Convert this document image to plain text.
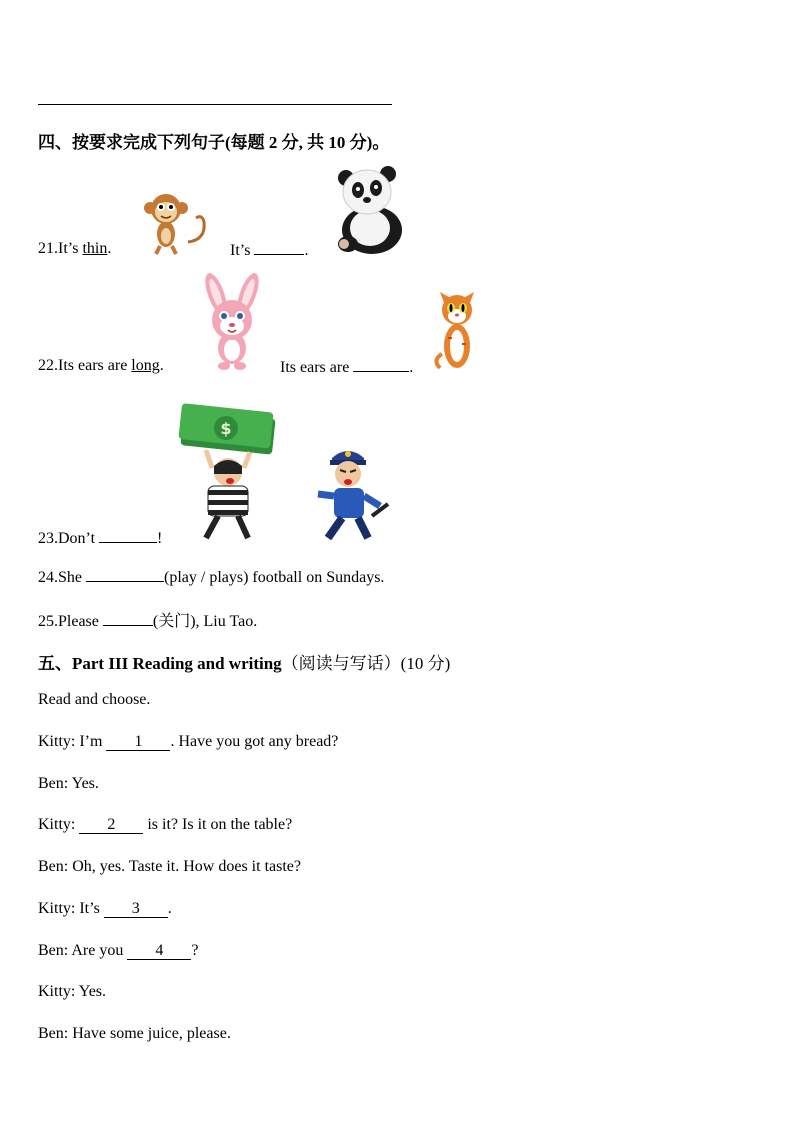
四、按要求完成下列句子(每题 2 分, 共 10 分)。
21.It’s thin.	It’s	.
22.Its ears are long.	Its ears are	.
$
23.Don’t	!
24.She	(play / plays) football on Sundays.
25.Please	(关门), Liu Tao.
五、Part III Reading and writing（阅读与写话）(10 分)
Read and choose.
Kitty: I’m 1 . Have you got any bread?
Ben: Yes.
Kitty: 2 is it? Is it on the table?
Ben: Oh, yes. Taste it. How does it taste?
Kitty: It’s 3 .
Ben: Are you 4 ?
Kitty: Yes.
Ben: Have some juice, please.
